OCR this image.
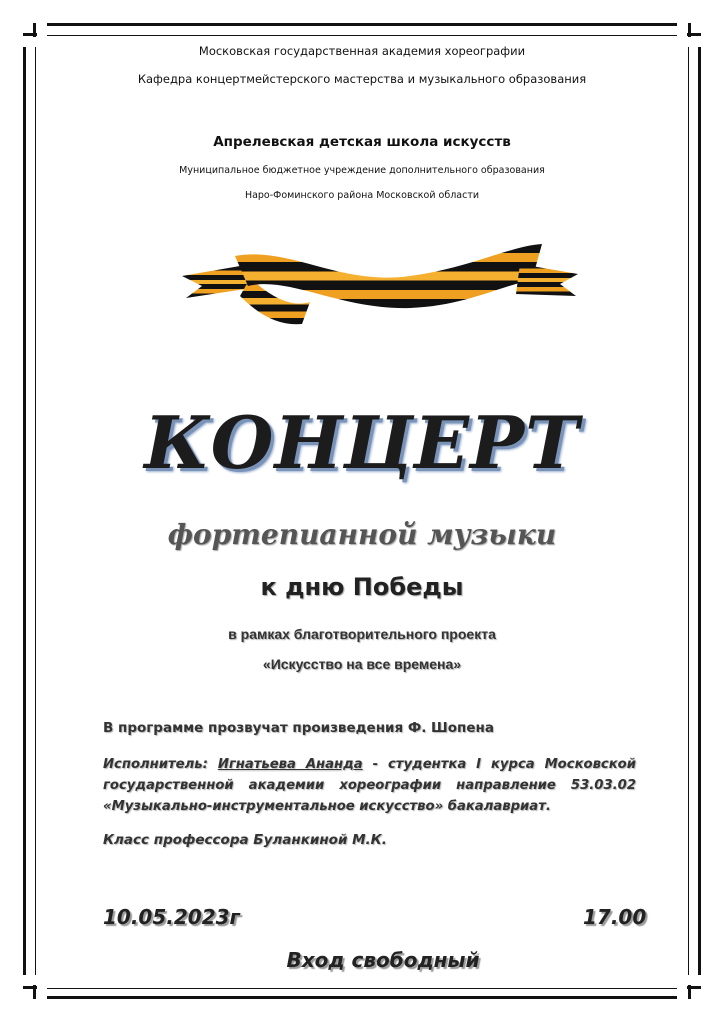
Московская государственная академия хореографии
Кафедра концертмейстерского мастерства и музыкального образования
Апрелевская детская школа искусств
Муниципальное бюджетное учреждение дополнительного образования
Наро-Фоминского района Московской области
КОНЦЕРТ
фортепианной музыки
к дню Победы
в рамках благотворительного проекта
«Искусство на все времена»
В программе прозвучат произведения Ф. Шопена
Исполнитель: Игнатьева Ананда - студентка I курса Московской государственной академии хореографии направление 53.03.02 «Музыкально-инструментальное искусство» бакалавриат.
Класс профессора Буланкиной М.К.
10.05.2023г	17.00
Вход свободный
